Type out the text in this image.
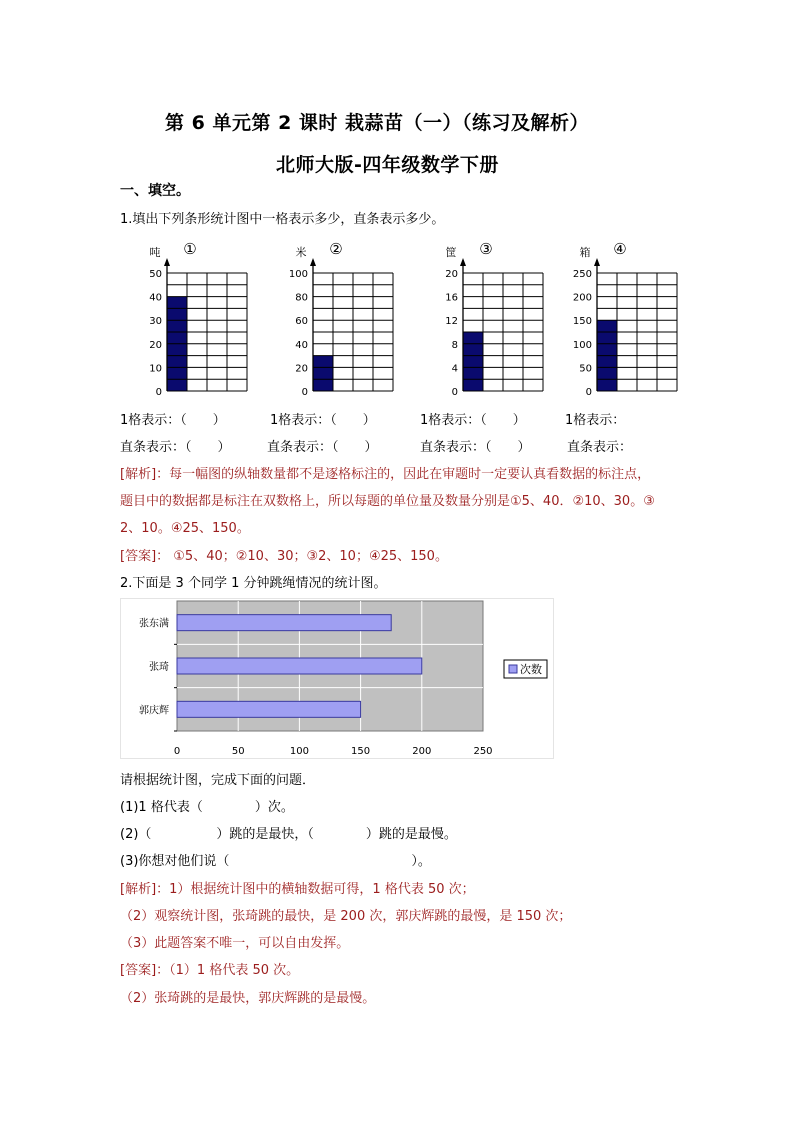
第 6 单元第 2 课时 栽蒜苗（一）（练习及解析）
北师大版-四年级数学下册
一、填空。
1.填出下列条形统计图中一格表示多少，直条表示多少。
0
10
20
30
40
50
吨 ①
0
20
40
60
80
100
米 ②
0
4
8
12
16
20
筐 ③
0
50
100
150
200
250
箱 ④
1格表示：（　　）	1格表示：（　　）	1格表示：（　　）	1格表示：
直条表示：（　　）	直条表示：（　　）	直条表示：（　　）	直条表示：
[解析]：每一幅图的纵轴数量都不是逐格标注的，因此在审题时一定要认真看数据的标注点，
题目中的数据都是标注在双数格上，所以每题的单位量及数量分别是①5、40．②10、30。③
2、10。④25、150。
[答案]： ①5、40；②10、30；③2、10；④25、150。
2.下面是 3 个同学 1 分钟跳绳情况的统计图。
张东满
张琦
郭庆辉
0	50	100	150	200	250
次数
请根据统计图，完成下面的问题．
(1)1 格代表（　　　　）次。
(2)（　　　　　）跳的是最快，（　　　　）跳的是最慢。
(3)你想对他们说（　　　　　　　　　　　　　　）。
[解析]：1）根据统计图中的横轴数据可得，1 格代表 50 次；
（2）观察统计图，张琦跳的最快，是 200 次，郭庆辉跳的最慢，是 150 次；
（3）此题答案不唯一，可以自由发挥。
[答案]：（1）1 格代表 50 次。
（2）张琦跳的是最快，郭庆辉跳的是最慢。
